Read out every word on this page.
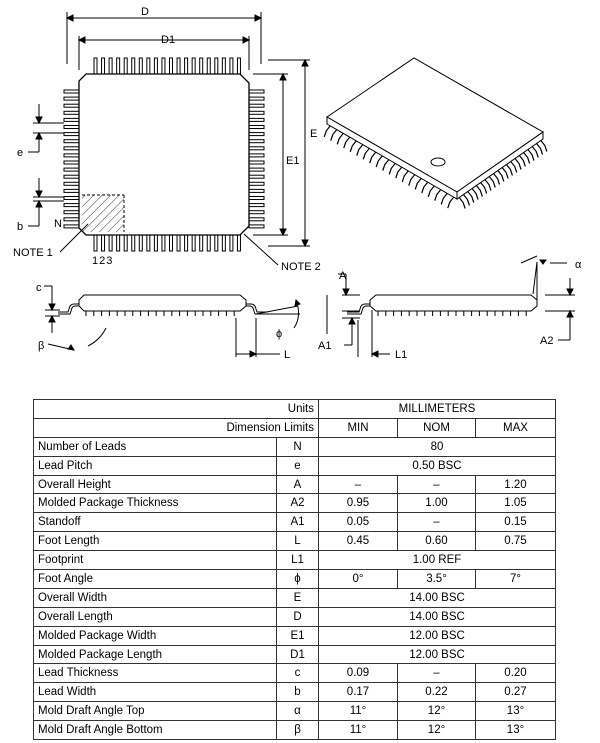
D
D1
E
E1
e
b	N
NOTE 1
123	NOTE 2
c
β
ϕ
L
A
A1
L1
α
A2
Units		MILLIMETERS		
Dimension Limits		MIN	NOM	MAX
Number of Leads	N	80		
Lead Pitch	e	0.50 BSC		
Overall Height	A	–	–	1.20
Molded Package Thickness	A2	0.95	1.00	1.05
Standoff	A1	0.05	–	0.15
Foot Length	L	0.45	0.60	0.75
Footprint	L1	1.00 REF		
Foot Angle	ϕ	0°	3.5°	7°
Overall Width	E	14.00 BSC		
Overall Length	D	14.00 BSC		
Molded Package Width	E1	12.00 BSC		
Molded Package Length	D1	12.00 BSC		
Lead Thickness	c	0.09	–	0.20
Lead Width	b	0.17	0.22	0.27
Mold Draft Angle Top	α	11°	12°	13°
Mold Draft Angle Bottom	β	11°	12°	13°
